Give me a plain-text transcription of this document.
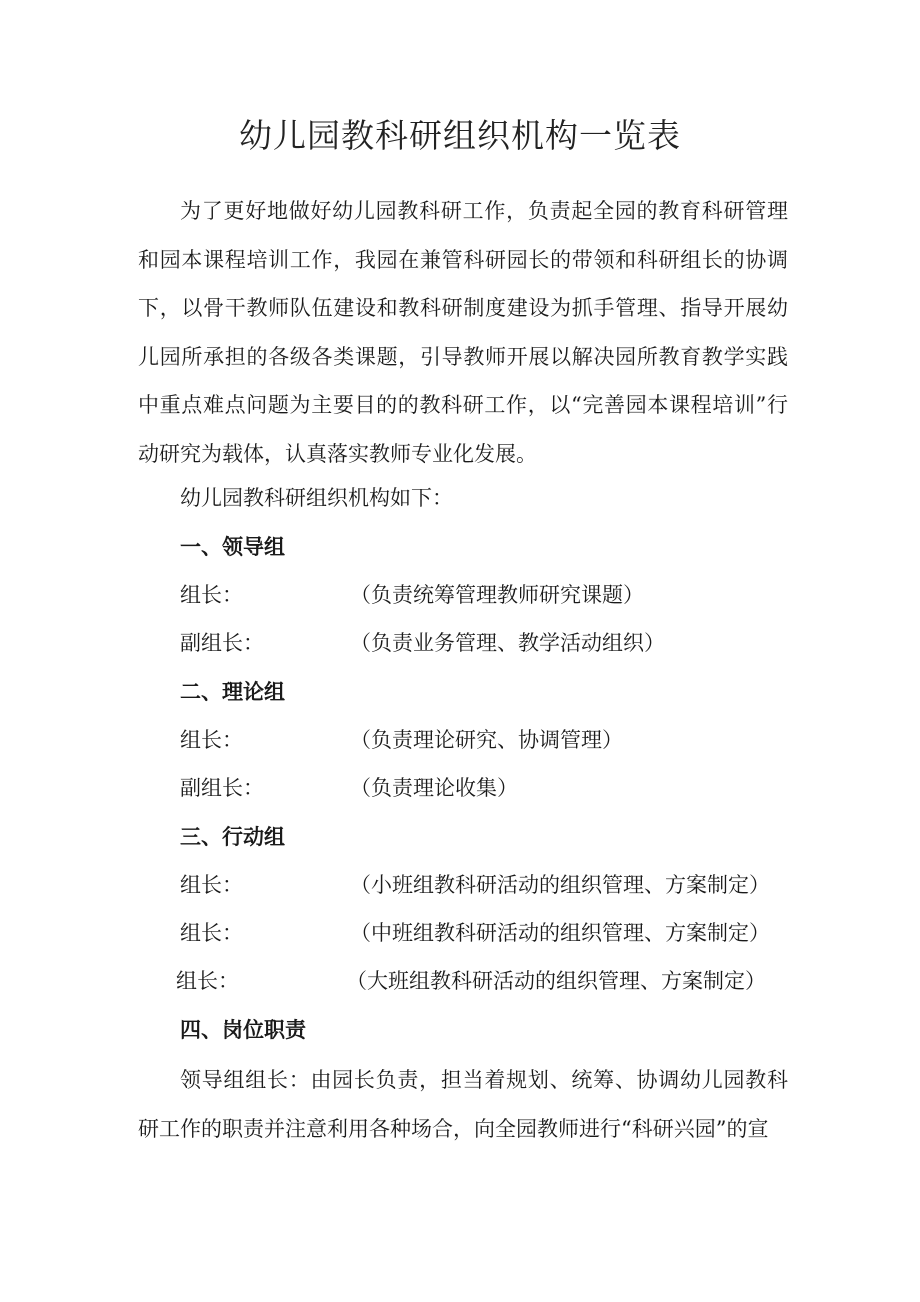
幼儿园教科研组织机构一览表
为了更好地做好幼儿园教科研工作，负责起全园的教育科研管理和园本课程培训工作，我园在兼管科研园长的带领和科研组长的协调下，以骨干教师队伍建设和教科研制度建设为抓手管理、指导开展幼儿园所承担的各级各类课题，引导教师开展以解决园所教育教学实践中重点难点问题为主要目的的教科研工作，以“完善园本课程培训”行动研究为载体，认真落实教师专业化发展。
幼儿园教科研组织机构如下：
一、领导组
组长：	（负责统筹管理教师研究课题）
副组长：	（负责业务管理、教学活动组织）
二、理论组
组长：	（负责理论研究、协调管理）
副组长：	（负责理论收集）
三、行动组
组长：	（小班组教科研活动的组织管理、方案制定）
组长：	（中班组教科研活动的组织管理、方案制定）
组长：	（大班组教科研活动的组织管理、方案制定）
四、岗位职责
领导组组长：由园长负责，担当着规划、统筹、协调幼儿园教科研工作的职责并注意利用各种场合，向全园教师进行“科研兴园”的宣
